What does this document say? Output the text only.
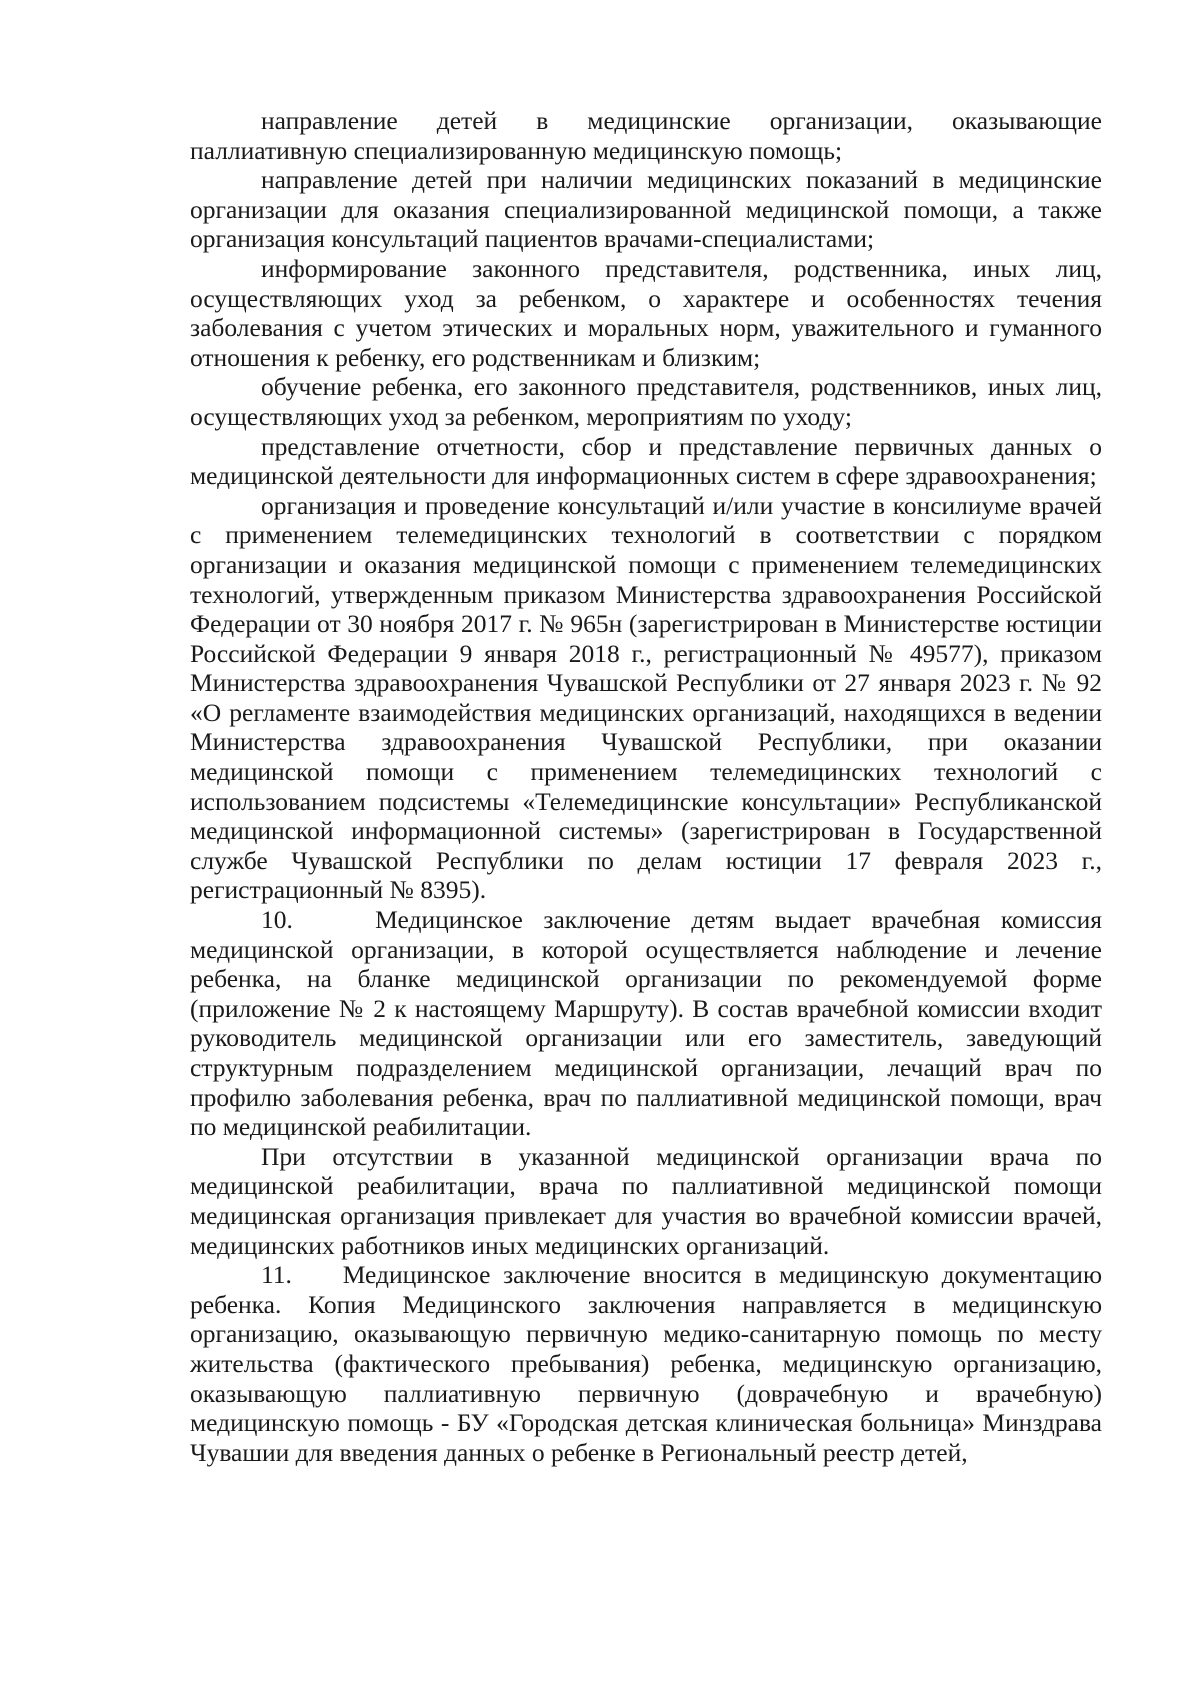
направление детей в медицинские организации, оказывающие паллиативную специализированную медицинскую помощь;

направление детей при наличии медицинских показаний в медицинские организации для оказания специализированной медицинской помощи, а также организация консультаций пациентов врачами-специалистами;

информирование законного представителя, родственника, иных лиц, осуществляющих уход за ребенком, о характере и особенностях течения заболевания с учетом этических и моральных норм, уважительного и гуманного отношения к ребенку, его родственникам и близким;

обучение ребенка, его законного представителя, родственников, иных лиц, осуществляющих уход за ребенком, мероприятиям по уходу;

представление отчетности, сбор и представление первичных данных о медицинской деятельности для информационных систем в сфере здравоохранения;

организация и проведение консультаций и/или участие в консилиуме врачей с применением телемедицинских технологий в соответствии с порядком организации и оказания медицинской помощи с применением телемедицинских технологий, утвержденным приказом Министерства здравоохранения Российской Федерации от 30 ноября 2017 г. № 965н (зарегистрирован в Министерстве юстиции Российской Федерации 9 января 2018 г., регистрационный № 49577), приказом Министерства здравоохранения Чувашской Республики от 27 января 2023 г. № 92 «О регламенте взаимодействия медицинских организаций, находящихся в ведении Министерства здравоохранения Чувашской Республики, при оказании медицинской помощи с применением телемедицинских технологий с использованием подсистемы «Телемедицинские консультации» Республиканской медицинской информационной системы» (зарегистрирован в Государственной службе Чувашской Республики по делам юстиции 17 февраля 2023 г., регистрационный № 8395).

10.    Медицинское заключение детям выдает врачебная комиссия медицинской организации, в которой осуществляется наблюдение и лечение ребенка, на бланке медицинской организации по рекомендуемой форме (приложение № 2 к настоящему Маршруту). В состав врачебной комиссии входит руководитель медицинской организации или его заместитель, заведующий структурным подразделением медицинской организации, лечащий врач по профилю заболевания ребенка, врач по паллиативной медицинской помощи, врач по медицинской реабилитации.

При отсутствии в указанной медицинской организации врача по медицинской реабилитации, врача по паллиативной медицинской помощи медицинская организация привлекает для участия во врачебной комиссии врачей, медицинских работников иных медицинских организаций.

11.    Медицинское заключение вносится в медицинскую документацию ребенка. Копия Медицинского заключения направляется в медицинскую организацию, оказывающую первичную медико-санитарную помощь по месту жительства (фактического пребывания) ребенка, медицинскую организацию, оказывающую паллиативную первичную (доврачебную и врачебную) медицинскую помощь - БУ «Городская детская клиническая больница» Минздрава Чувашии для введения данных о ребенке в Региональный реестр детей,
